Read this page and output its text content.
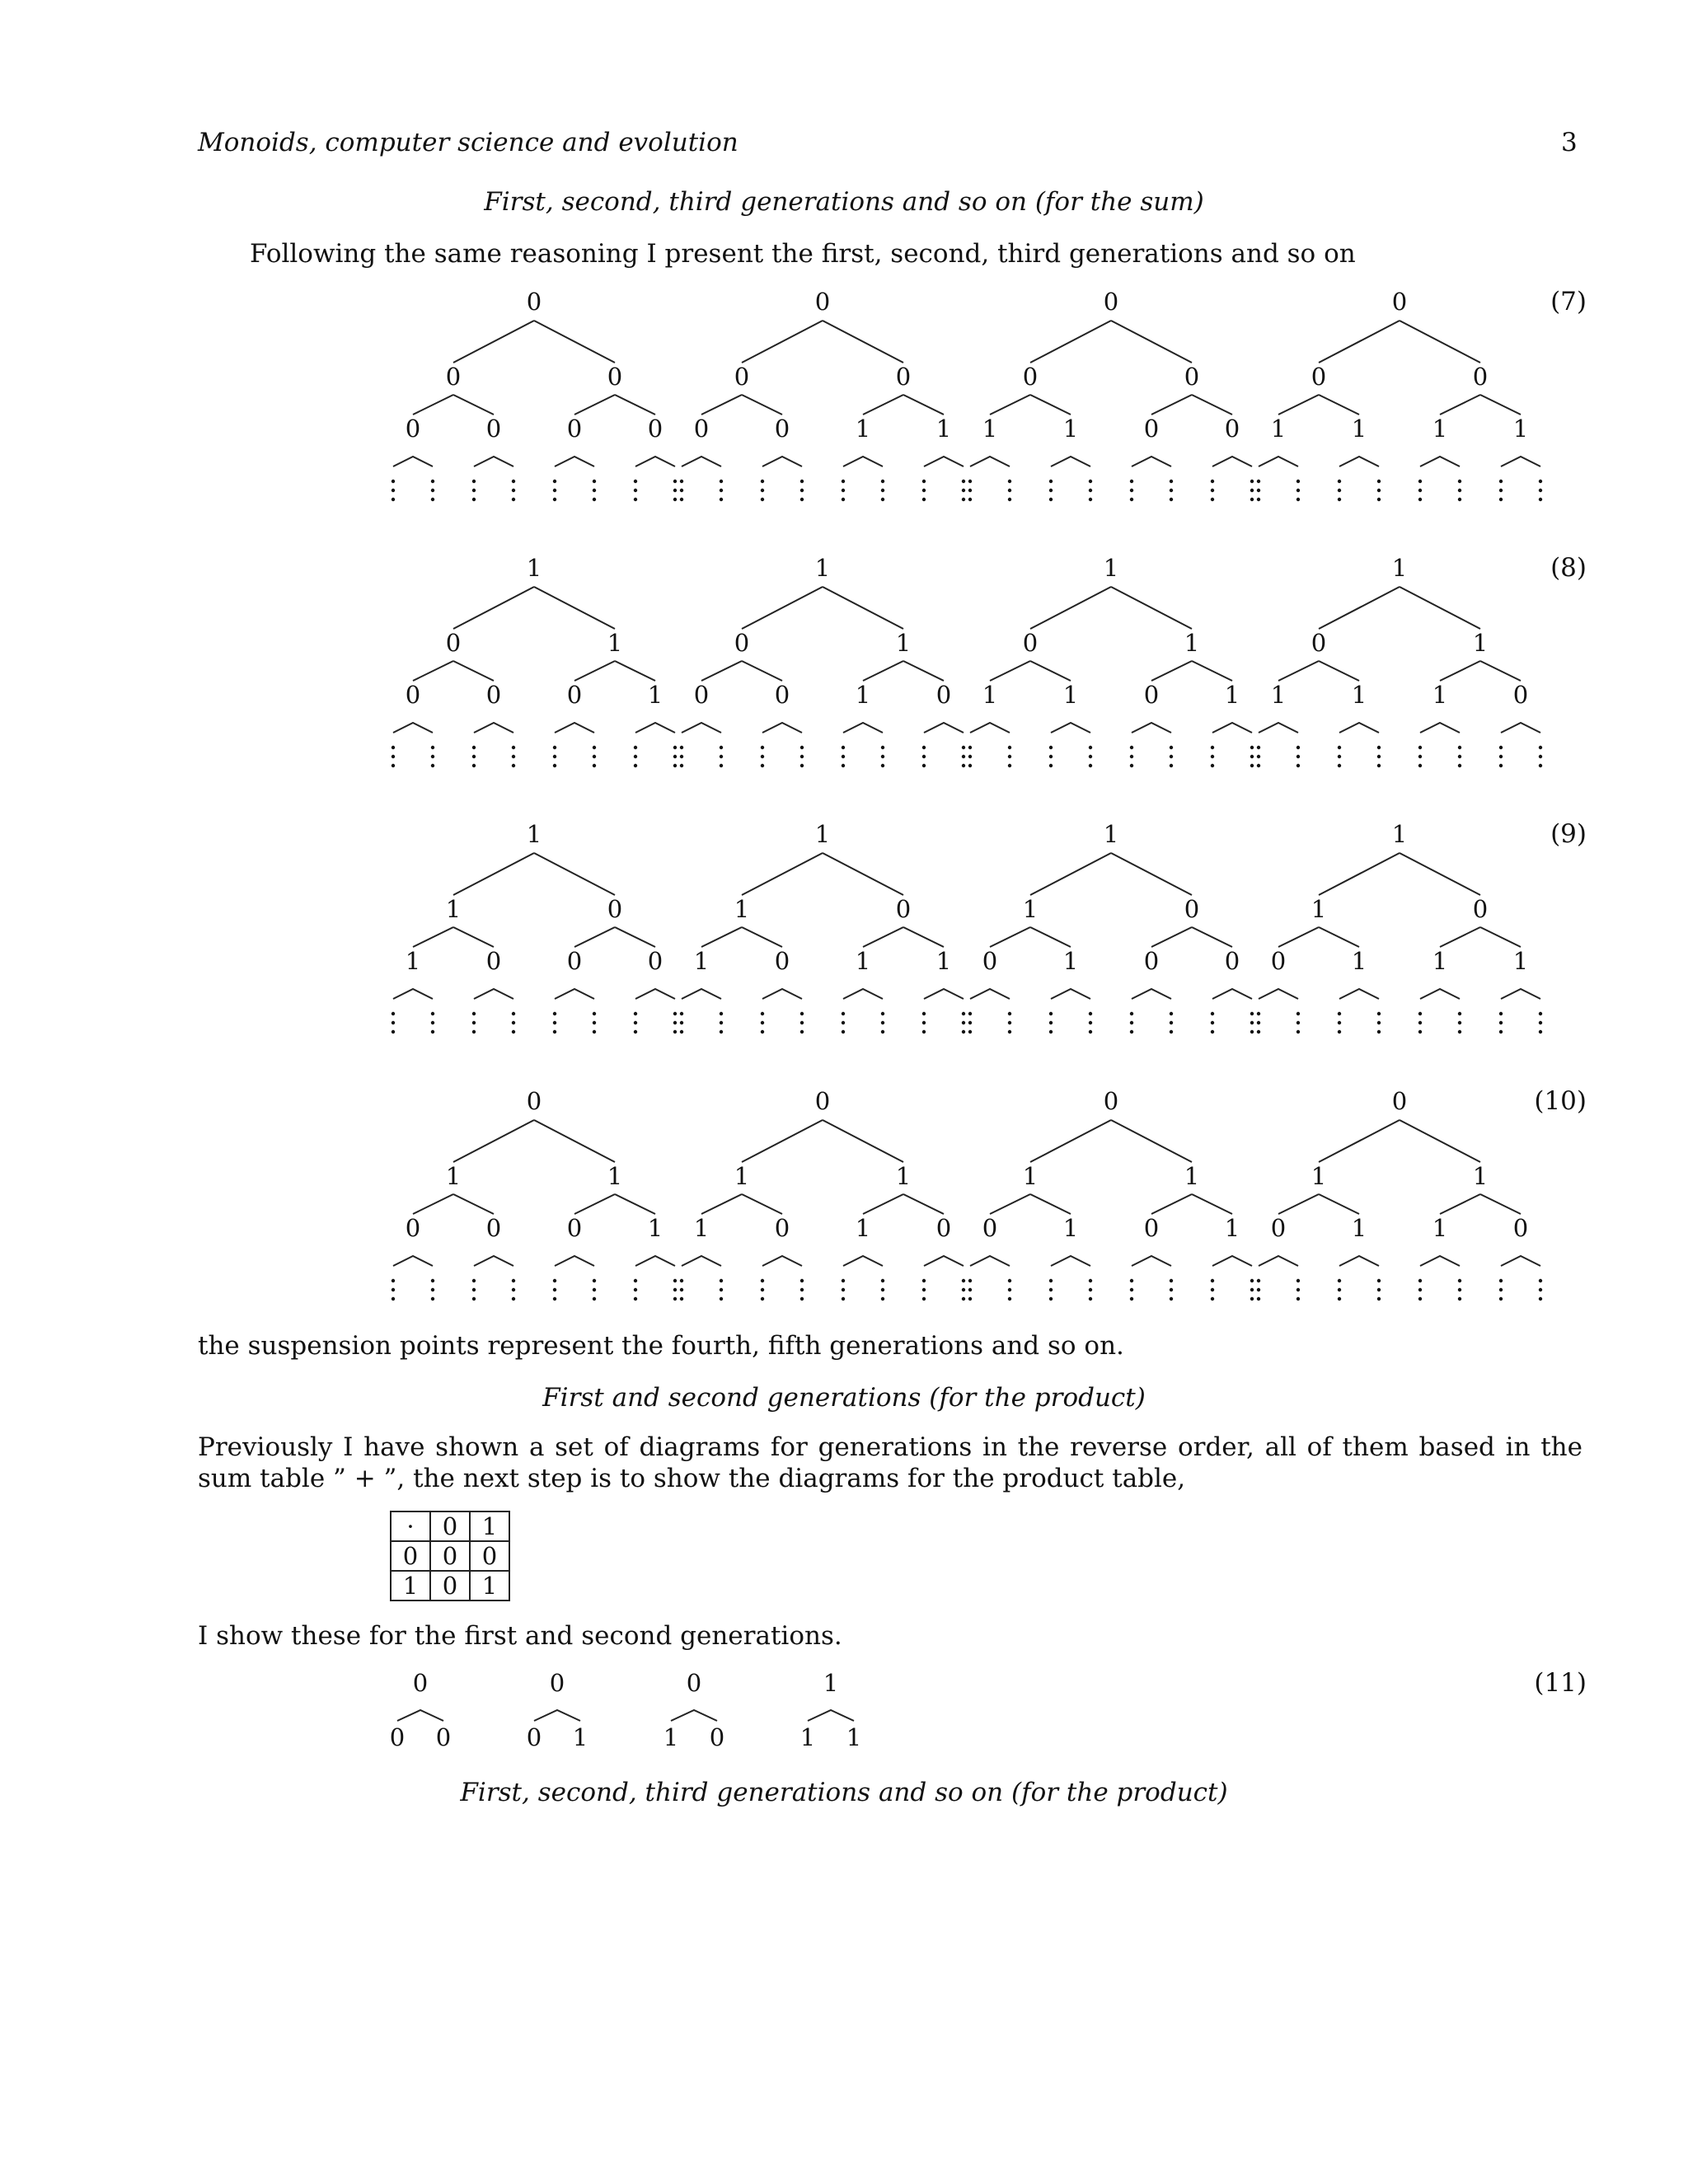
Monoids, computer science and evolution	3

First, second, third generations and so on (for the sum)

Following the same reasoning I present the first, second, third generations and so on

(7)
0
0	0
0	0	0	0
0
0	0
0	0	1	1
0
0	0
1	1	0	0
0
0	0
1	1	1	1
(8)
1
0	1
0	0	0	1
1
0	1
0	0	1	0
1
0	1
1	1	0	1
1
0	1
1	1	1	0
(9)
1
1	0
1	0	0	0
1
1	0
1	0	1	1
1
1	0
0	1	0	0
1
1	0
0	1	1	1
(10)
0
1	1
0	0	0	1
0
1	1
1	0	1	0
0
1	1
0	1	0	1
0
1	1
0	1	1	0

the suspension points represent the fourth, fifth generations and so on.

First and second generations (for the product)

Previously I have shown a set of diagrams for generations in the reverse order, all of them based in the sum table ” + ”, the next step is to show the diagrams for the product table,

·	0	1
0	0	0
1	0	1

I show these for the first and second generations.

(11)
0
0 0
0
0 1
0
1 0
1
1 1

First, second, third generations and so on (for the product)
